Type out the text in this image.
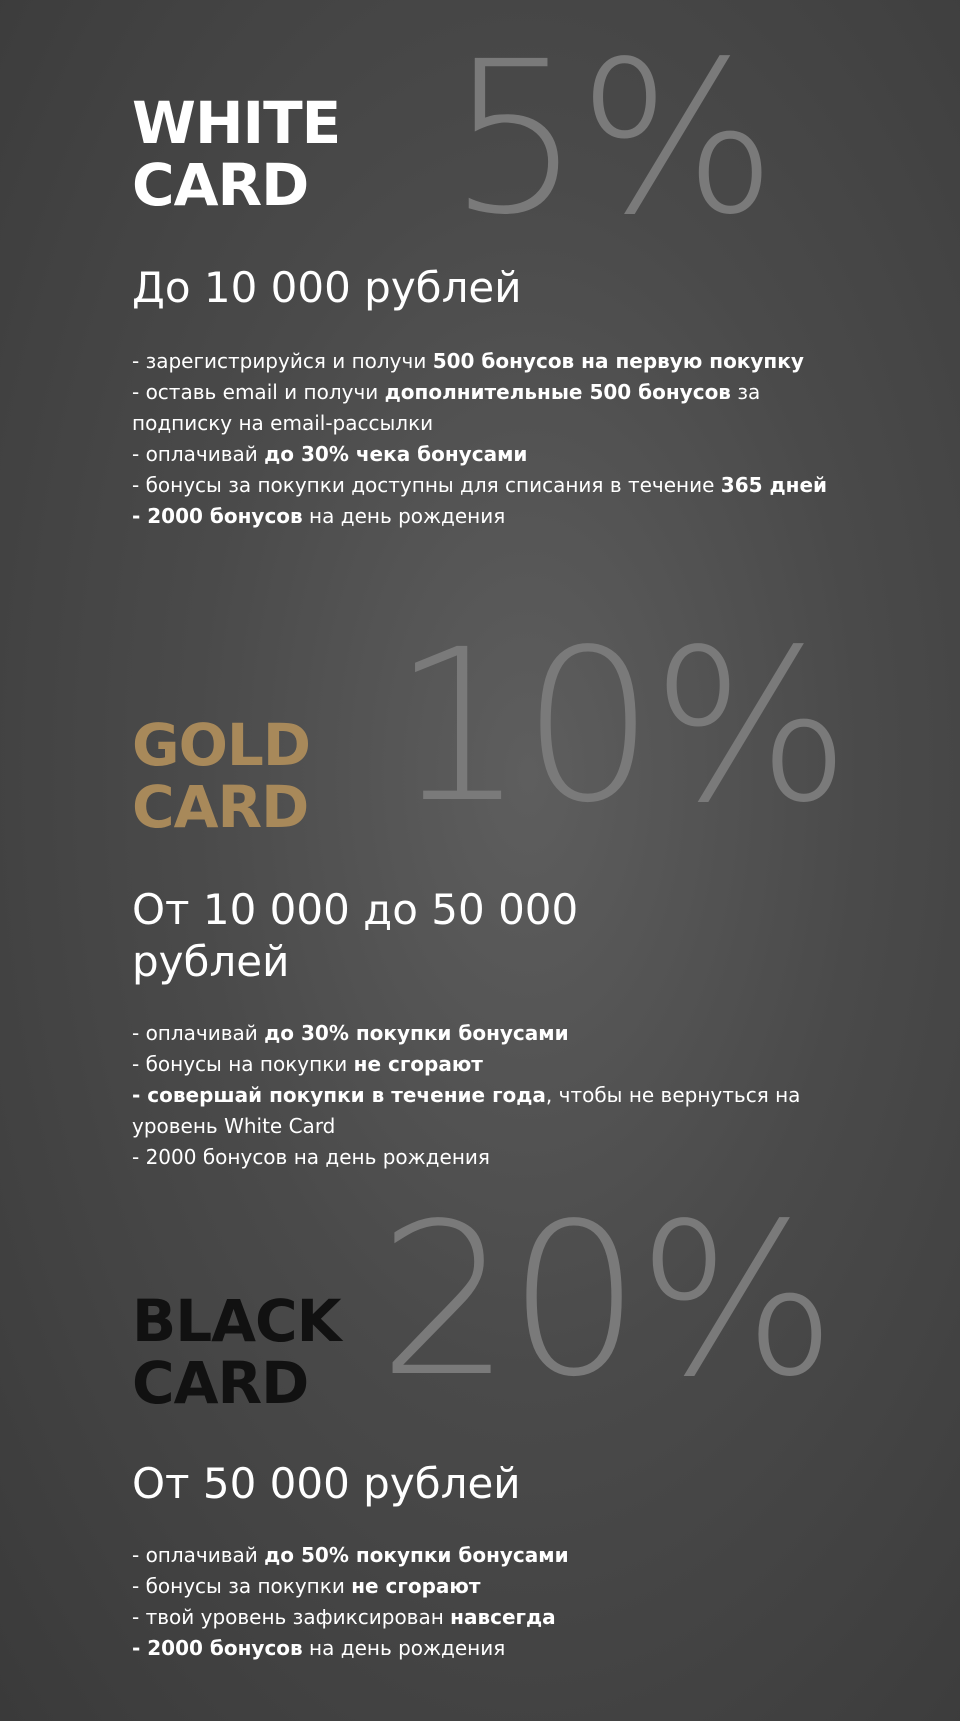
5%
WHITE
CARD

До 10 000 рублей

- зарегистрируйся и получи 500 бонусов на первую покупку
- оставь email и получи дополнительные 500 бонусов за подписку на email-рассылки
- оплачивай до 30% чека бонусами
- бонусы за покупки доступны для списания в течение 365 дней
- 2000 бонусов на день рождения
10%
GOLD
CARD

От 10 000 до 50 000 рублей

- оплачивай до 30% покупки бонусами
- бонусы на покупки не сгорают
- совершай покупки в течение года, чтобы не вернуться на уровень White Card
- 2000 бонусов на день рождения
20%
BLACK
CARD

От 50 000 рублей

- оплачивай до 50% покупки бонусами
- бонусы за покупки не сгорают
- твой уровень зафиксирован навсегда
- 2000 бонусов на день рождения
